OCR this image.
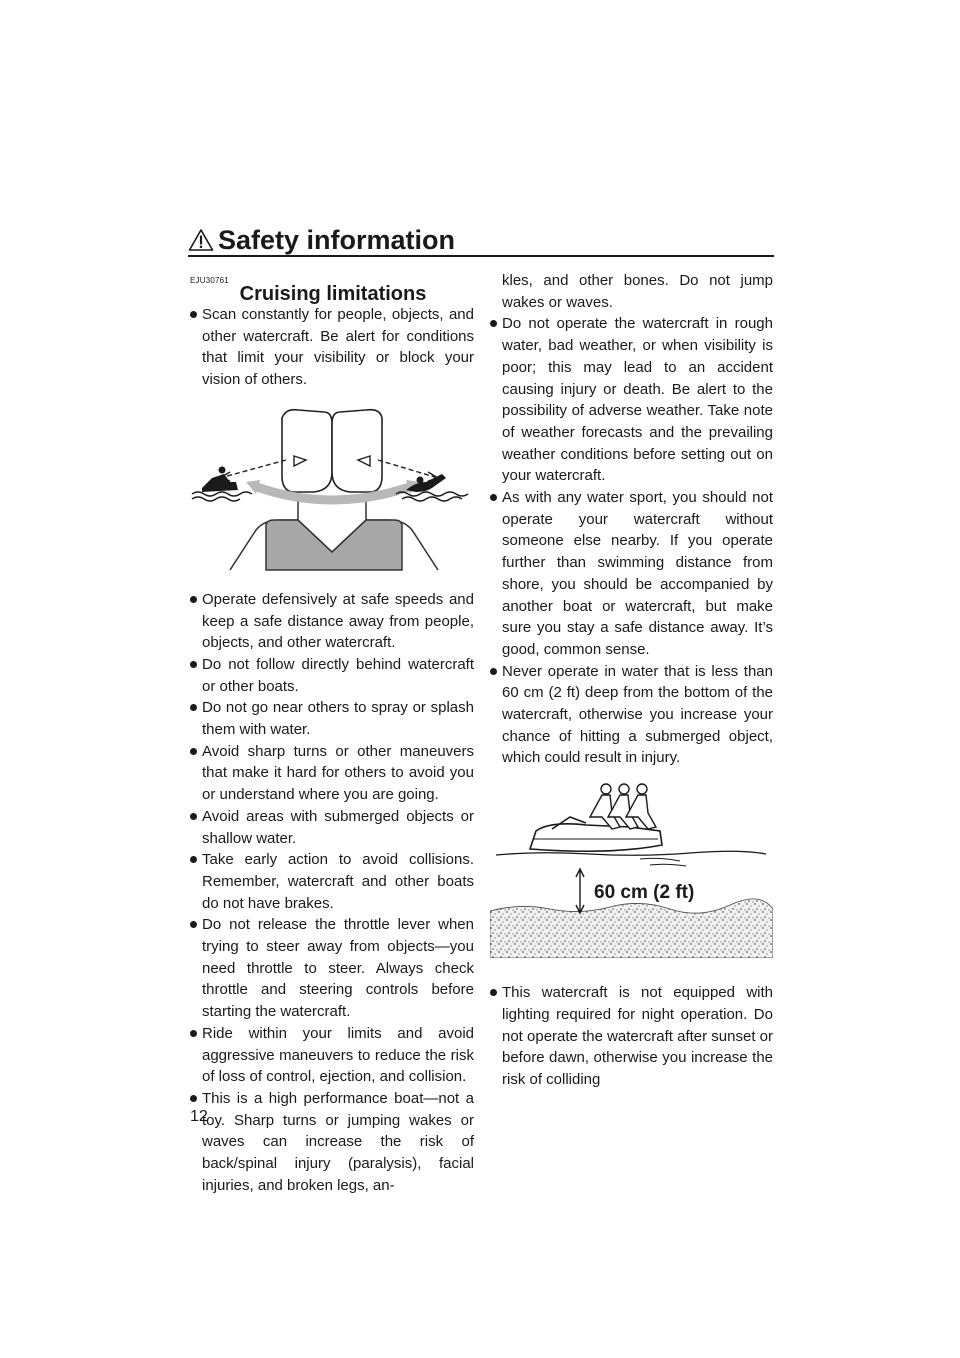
Safety information
EJU30761
Cruising limitations

Scan constantly for people, objects, and other watercraft. Be alert for conditions that limit your visibility or block your vision of others.

Operate defensively at safe speeds and keep a safe distance away from people, objects, and other watercraft.

Do not follow directly behind watercraft or other boats.

Do not go near others to spray or splash them with water.

Avoid sharp turns or other maneuvers that make it hard for others to avoid you or understand where you are going.

Avoid areas with submerged objects or shallow water.

Take early action to avoid collisions. Remember, watercraft and other boats do not have brakes.

Do not release the throttle lever when trying to steer away from objects—you need throttle to steer. Always check throttle and steering controls before starting the watercraft.

Ride within your limits and avoid aggressive maneuvers to reduce the risk of loss of control, ejection, and collision.

This is a high performance boat—not a toy. Sharp turns or jumping wakes or waves can increase the risk of back/spinal injury (paralysis), facial injuries, and broken legs, an-

kles, and other bones. Do not jump wakes or waves.

Do not operate the watercraft in rough water, bad weather, or when visibility is poor; this may lead to an accident causing injury or death. Be alert to the possibility of adverse weather. Take note of weather forecasts and the prevailing weather conditions before setting out on your watercraft.

As with any water sport, you should not operate your watercraft without someone else nearby. If you operate further than swimming distance from shore, you should be accompanied by another boat or watercraft, but make sure you stay a safe distance away. It’s good, common sense.

Never operate in water that is less than 60 cm (2 ft) deep from the bottom of the watercraft, otherwise you increase your chance of hitting a submerged object, which could result in injury.

60 cm (2 ft)

This watercraft is not equipped with lighting required for night operation. Do not operate the watercraft after sunset or before dawn, otherwise you increase the risk of colliding

12
